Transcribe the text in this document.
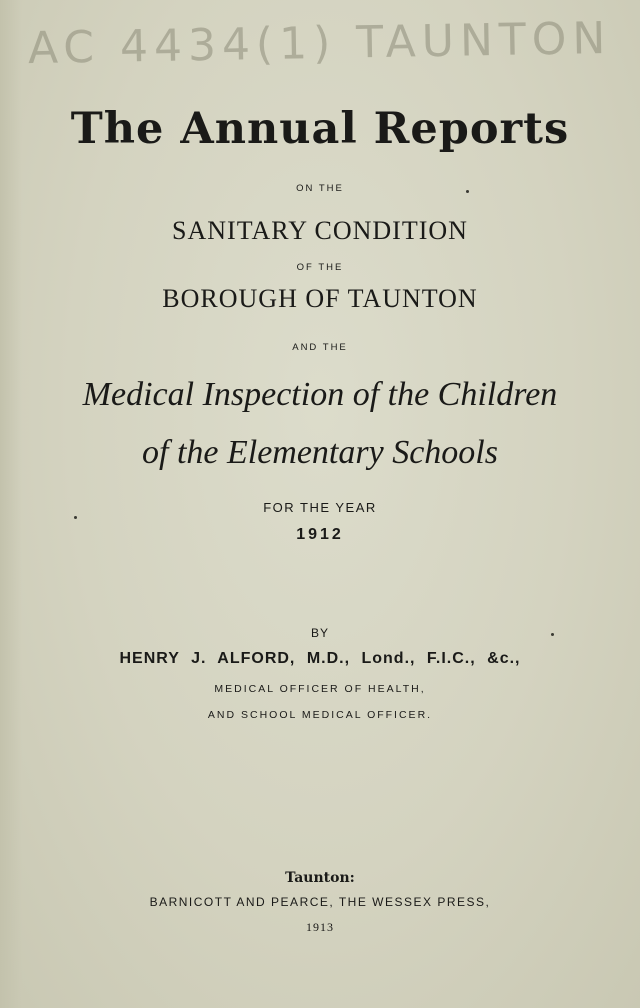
AC 4434(1) TAUNTON
The Annual Reports
ON THE
SANITARY CONDITION
OF THE
BOROUGH OF TAUNTON
AND THE
Medical Inspection of the Children
of the Elementary Schools
FOR THE YEAR
1912
BY
HENRY J. ALFORD, M.D., Lond., F.I.C., &c.,
MEDICAL OFFICER OF HEALTH,
AND SCHOOL MEDICAL OFFICER.
Taunton:
BARNICOTT AND PEARCE, THE WESSEX PRESS,
1913
